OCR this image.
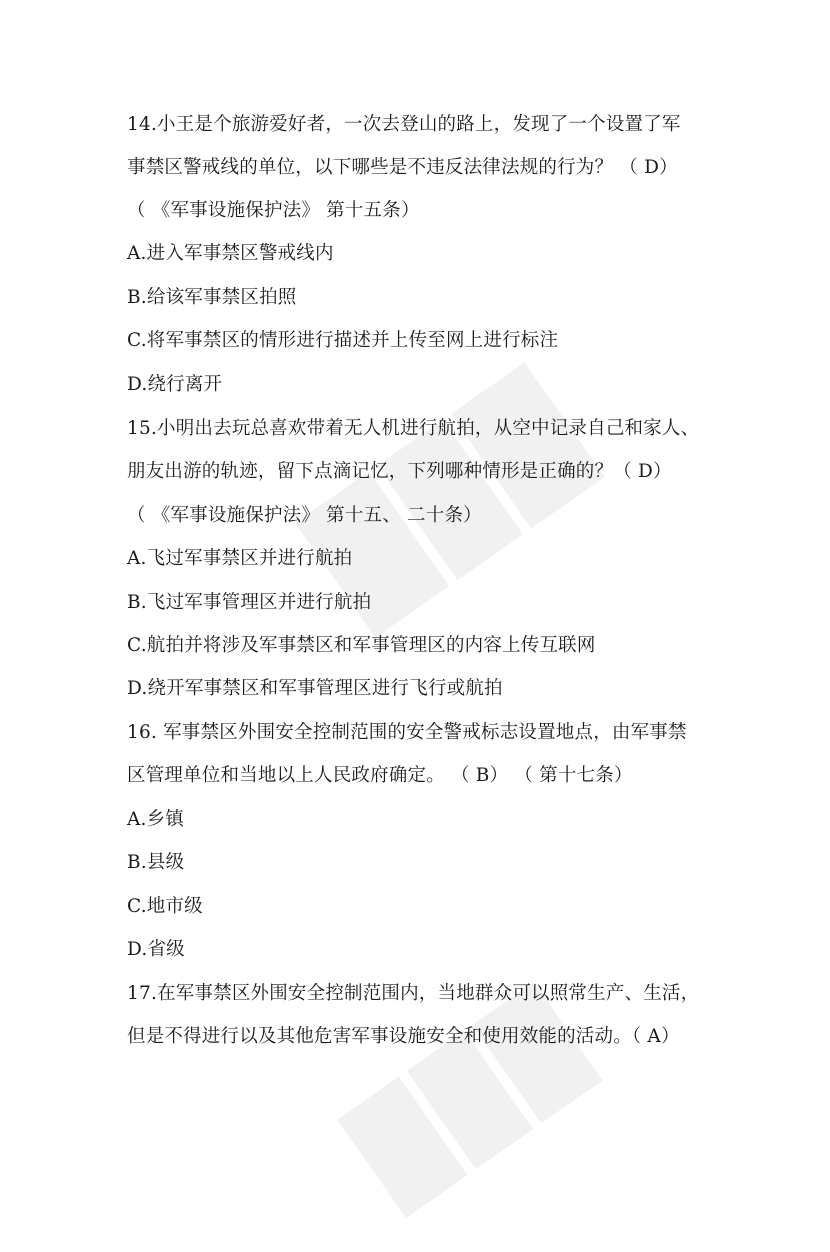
14.小王是个旅游爱好者，一次去登山的路上，发现了一个设置了军
事禁区警戒线的单位，以下哪些是不违反法律法规的行为？ （ D）
（ 《军事设施保护法》 第十五条）
A.进入军事禁区警戒线内
B.给该军事禁区拍照
C.将军事禁区的情形进行描述并上传至网上进行标注
D.绕行离开
15.小明出去玩总喜欢带着无人机进行航拍，从空中记录自己和家人、
朋友出游的轨迹，留下点滴记忆，下列哪种情形是正确的？（ D）
（ 《军事设施保护法》 第十五、 二十条）
A.飞过军事禁区并进行航拍
B.飞过军事管理区并进行航拍
C.航拍并将涉及军事禁区和军事管理区的内容上传互联网
D.绕开军事禁区和军事管理区进行飞行或航拍
16. 军事禁区外围安全控制范围的安全警戒标志设置地点，由军事禁
区管理单位和当地以上人民政府确定。 （ B） （ 第十七条）
A.乡镇
B.县级
C.地市级
D.省级
17.在军事禁区外围安全控制范围内，当地群众可以照常生产、生活，
但是不得进行以及其他危害军事设施安全和使用效能的活动。（ A）
